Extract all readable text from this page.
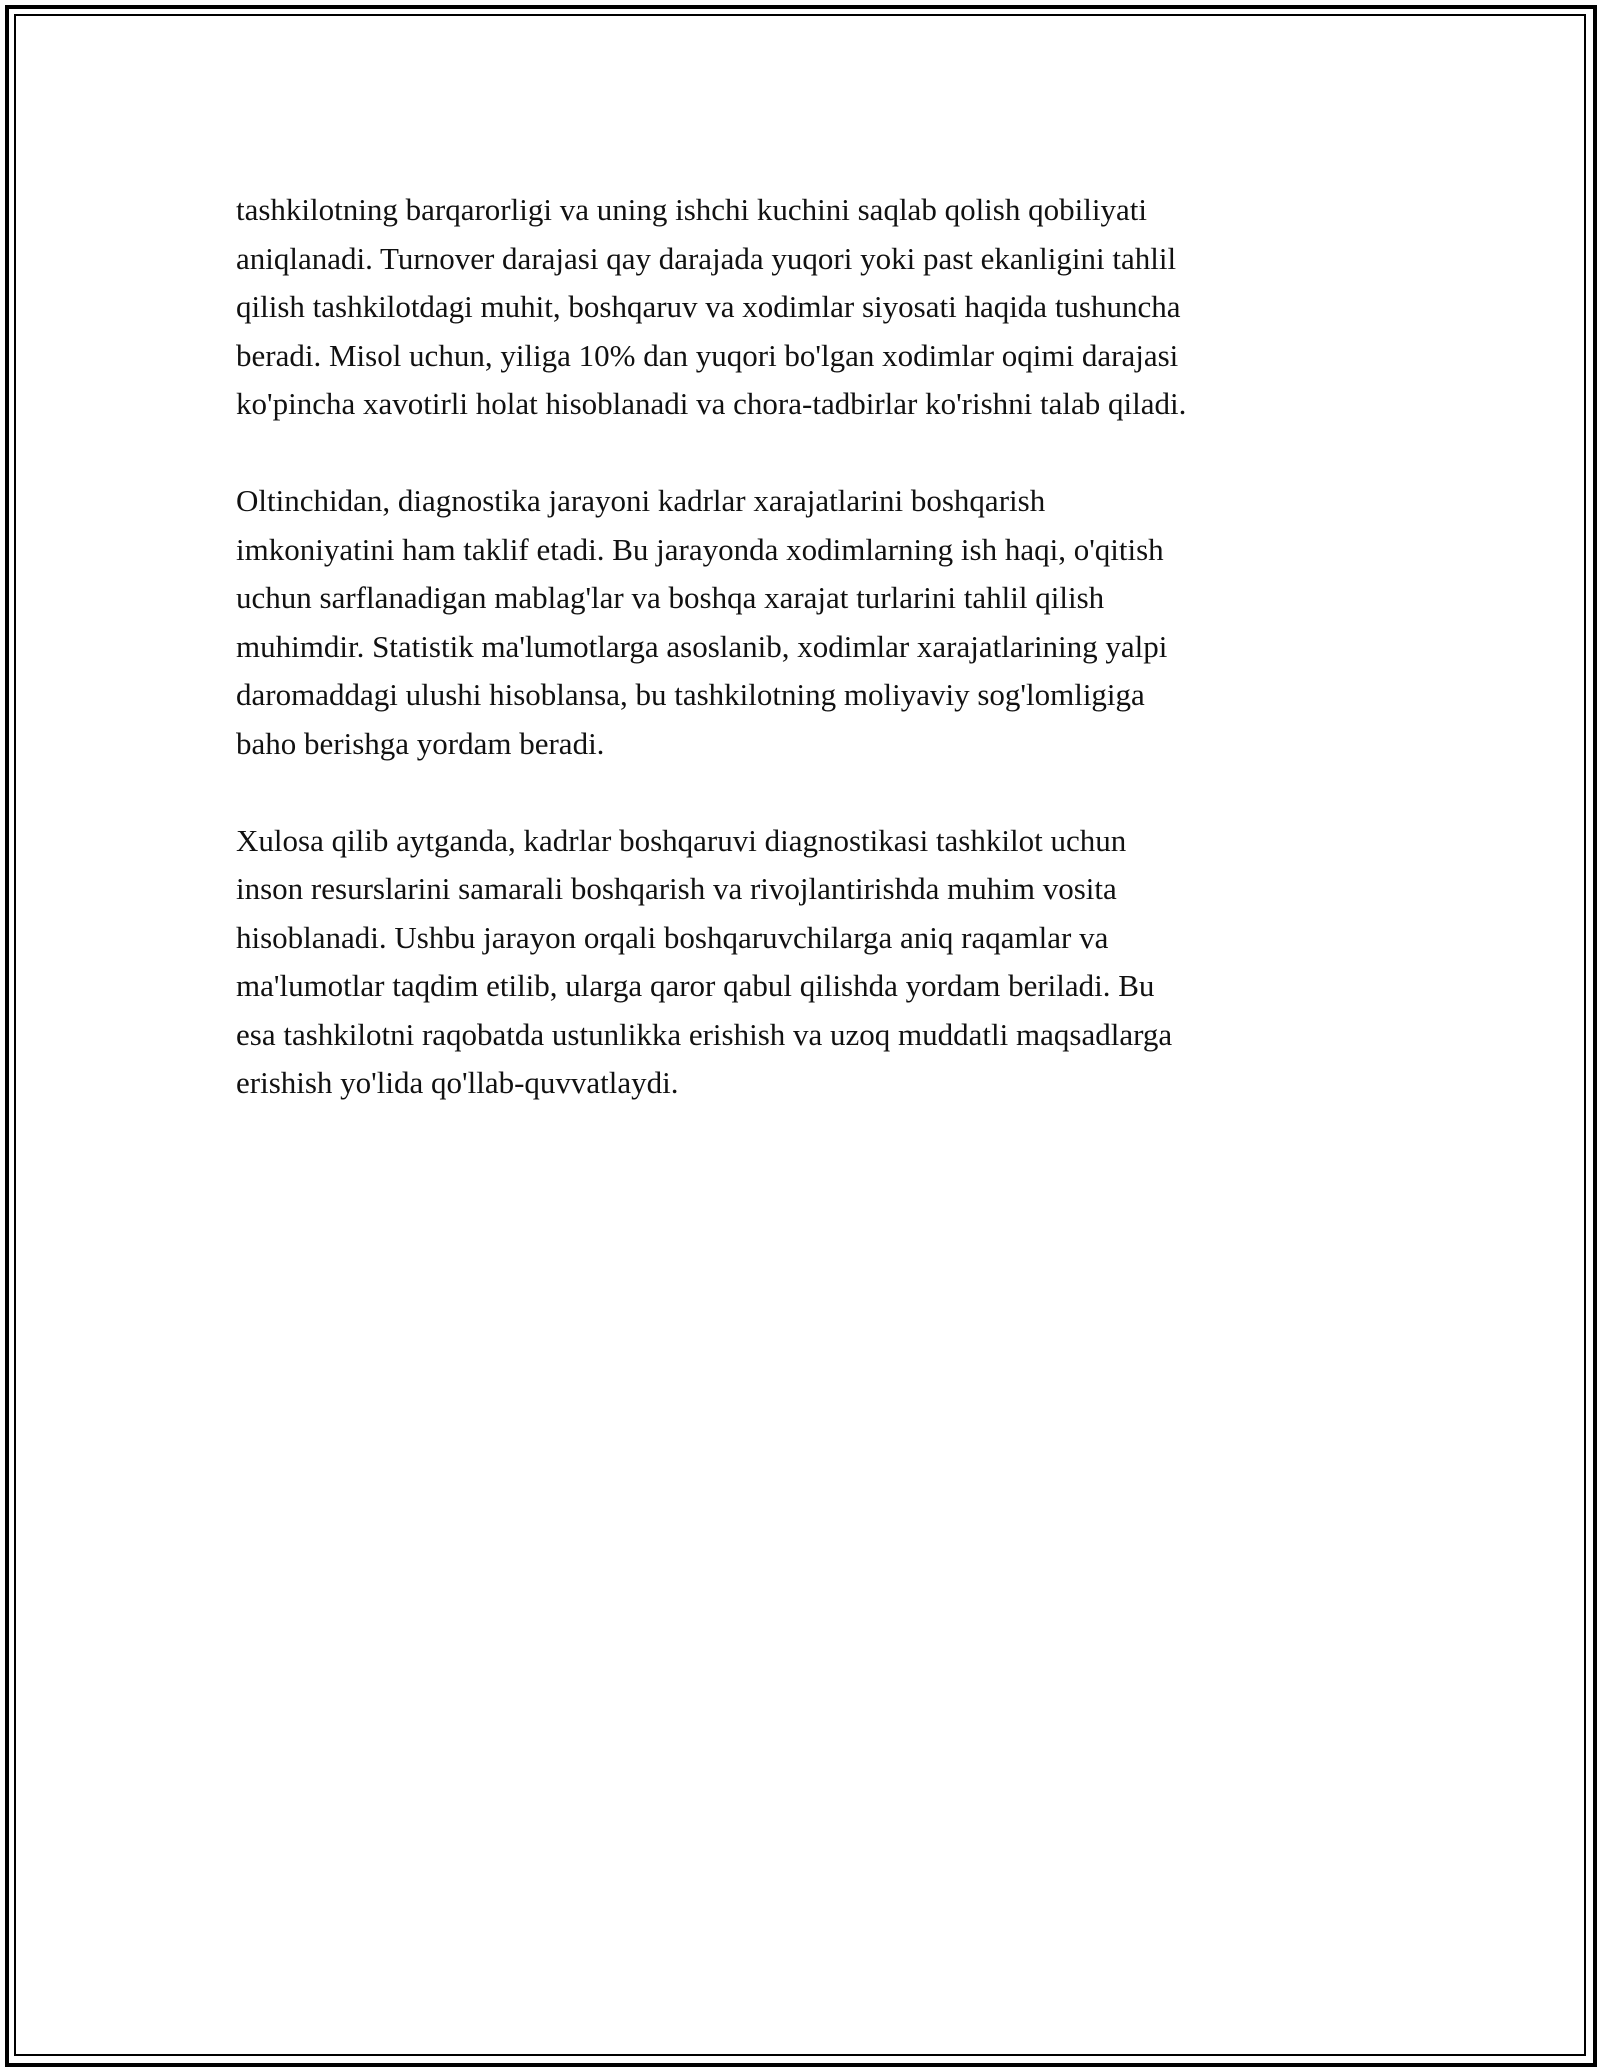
tashkilotning barqarorligi va uning ishchi kuchini saqlab qolish qobiliyati
aniqlanadi. Turnover darajasi qay darajada yuqori yoki past ekanligini tahlil
qilish tashkilotdagi muhit, boshqaruv va xodimlar siyosati haqida tushuncha
beradi. Misol uchun, yiliga 10% dan yuqori bo'lgan xodimlar oqimi darajasi
ko'pincha xavotirli holat hisoblanadi va chora-tadbirlar ko'rishni talab qiladi.

Oltinchidan, diagnostika jarayoni kadrlar xarajatlarini boshqarish
imkoniyatini ham taklif etadi. Bu jarayonda xodimlarning ish haqi, o'qitish
uchun sarflanadigan mablag'lar va boshqa xarajat turlarini tahlil qilish
muhimdir. Statistik ma'lumotlarga asoslanib, xodimlar xarajatlarining yalpi
daromaddagi ulushi hisoblansa, bu tashkilotning moliyaviy sog'lomligiga
baho berishga yordam beradi.

Xulosa qilib aytganda, kadrlar boshqaruvi diagnostikasi tashkilot uchun
inson resurslarini samarali boshqarish va rivojlantirishda muhim vosita
hisoblanadi. Ushbu jarayon orqali boshqaruvchilarga aniq raqamlar va
ma'lumotlar taqdim etilib, ularga qaror qabul qilishda yordam beriladi. Bu
esa tashkilotni raqobatda ustunlikka erishish va uzoq muddatli maqsadlarga
erishish yo'lida qo'llab-quvvatlaydi.
